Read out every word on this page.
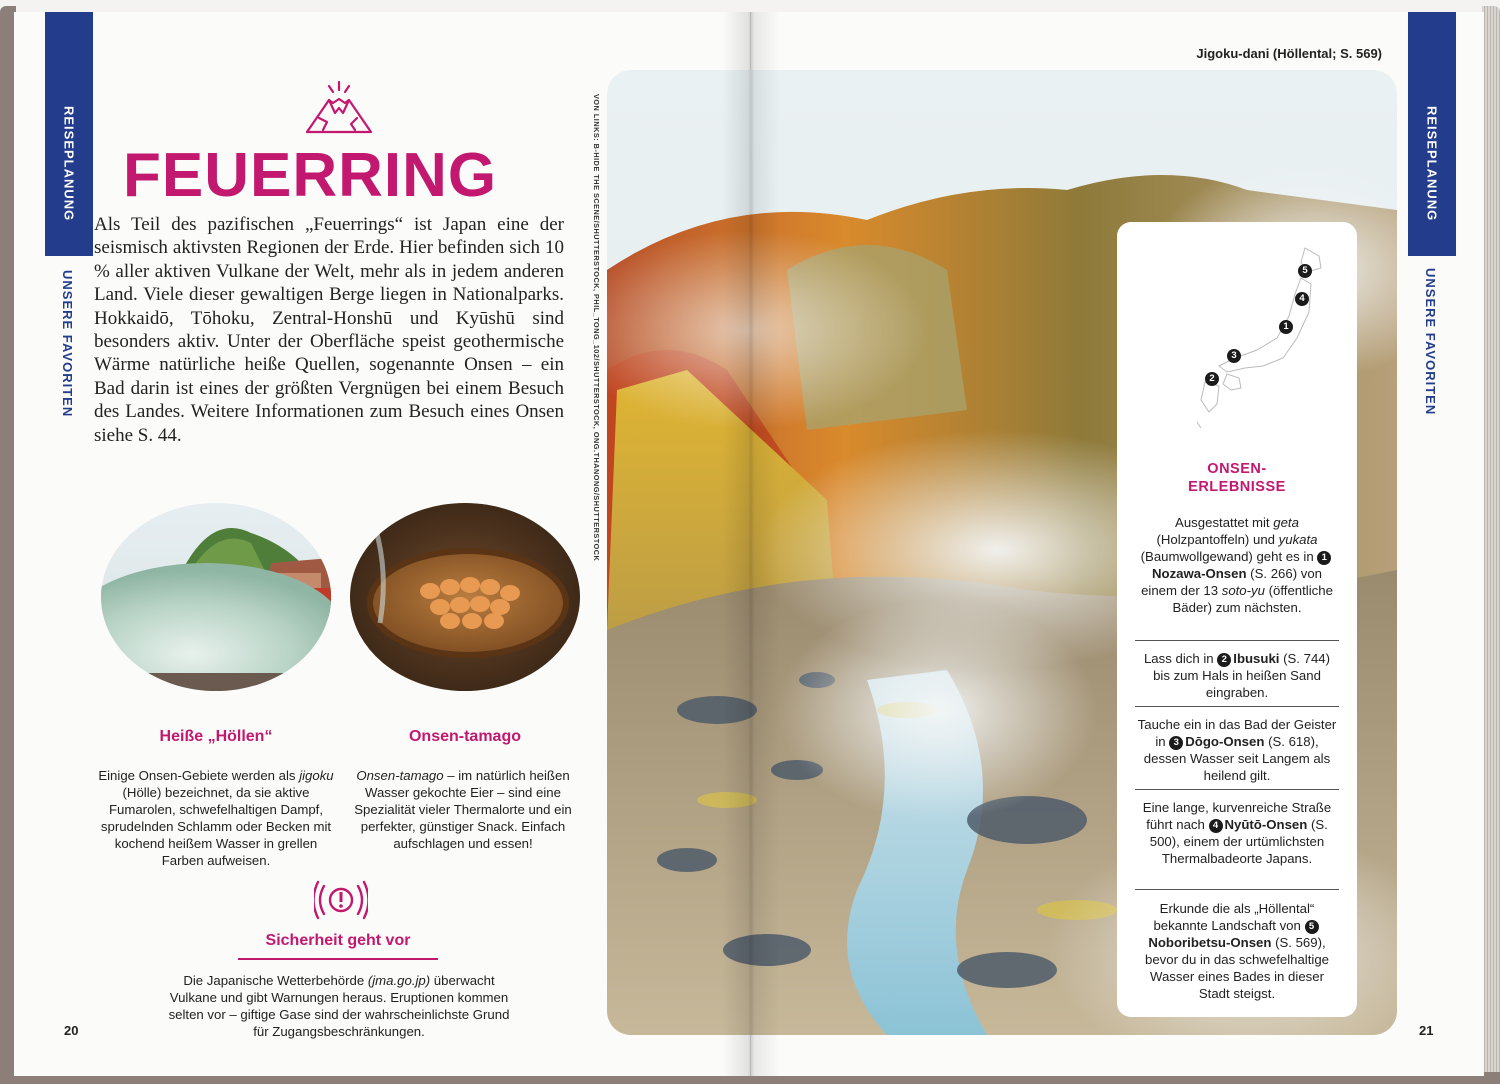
REISEPLANUNG
UNSERE FAVORITEN
FEUERRING

Als Teil des pazifischen „Feuerrings“ ist Japan eine der seismisch aktivsten Regionen der Erde. Hier befinden sich 10 % aller aktiven Vulkane der Welt, mehr als in jedem anderen Land. Viele dieser gewaltigen Berge liegen in Nationalparks. Hokkaidō, Tōhoku, Zentral-Honshū und Kyūshū sind besonders aktiv. Unter der Oberfläche speist geothermische Wärme natürliche heiße Quellen, sogenannte Onsen – ein Bad darin ist eines der größten Vergnügen bei einem Besuch des Landes. Weitere Informationen zum Besuch eines Onsen siehe S. 44.

Heiße „Höllen“

Einige Onsen-Gebiete werden als jigoku (Hölle) bezeichnet, da sie aktive Fumarolen, schwefelhaltigen Dampf, sprudelnden Schlamm oder Becken mit kochend heißem Wasser in grellen Farben aufweisen.

Onsen-tamago

Onsen-tamago – im natürlich heißen Wasser gekochte Eier – sind eine Spezialität vieler Thermalorte und ein perfekter, günstiger Snack. Einfach aufschlagen und essen!

Sicherheit geht vor

Die Japanische Wetterbehörde (jma.go.jp) überwacht Vulkane und gibt Warnungen heraus. Eruptionen kommen selten vor – giftige Gase sind der wahrscheinlichste Grund für Zugangsbeschränkungen.

20
VON LINKS: B-HIDE THE SCENE/SHUTTERSTOCK, PHIL_TONG_102/SHUTTERSTOCK, ONG.THANONG/SHUTTERSTOCK
Jigoku-dani (Höllental; S. 569)
REISEPLANUNG
UNSERE FAVORITEN
5
4
1
3
2
ONSEN-
ERLEBNISSE

Ausgestattet mit geta (Holzpantoffeln) und yukata (Baumwollgewand) geht es in 1Nozawa-Onsen (S. 266) von einem der 13 soto-yu (öffentliche Bäder) zum nächsten.

Lass dich in 2 Ibusuki (S. 744) bis zum Hals in heißen Sand eingraben.

Tauche ein in das Bad der Geister in 3 Dōgo-Onsen (S. 618), dessen Wasser seit Langem als heilend gilt.

Eine lange, kurvenreiche Straße führt nach 4 Nyūtō-Onsen (S. 500), einem der urtümlichsten Thermalbadeorte Japans.

Erkunde die als „Höllental“ bekannte Landschaft von 5Noboribetsu-Onsen (S. 569), bevor du in das schwefelhaltige Wasser eines Bades in dieser Stadt steigst.

21
